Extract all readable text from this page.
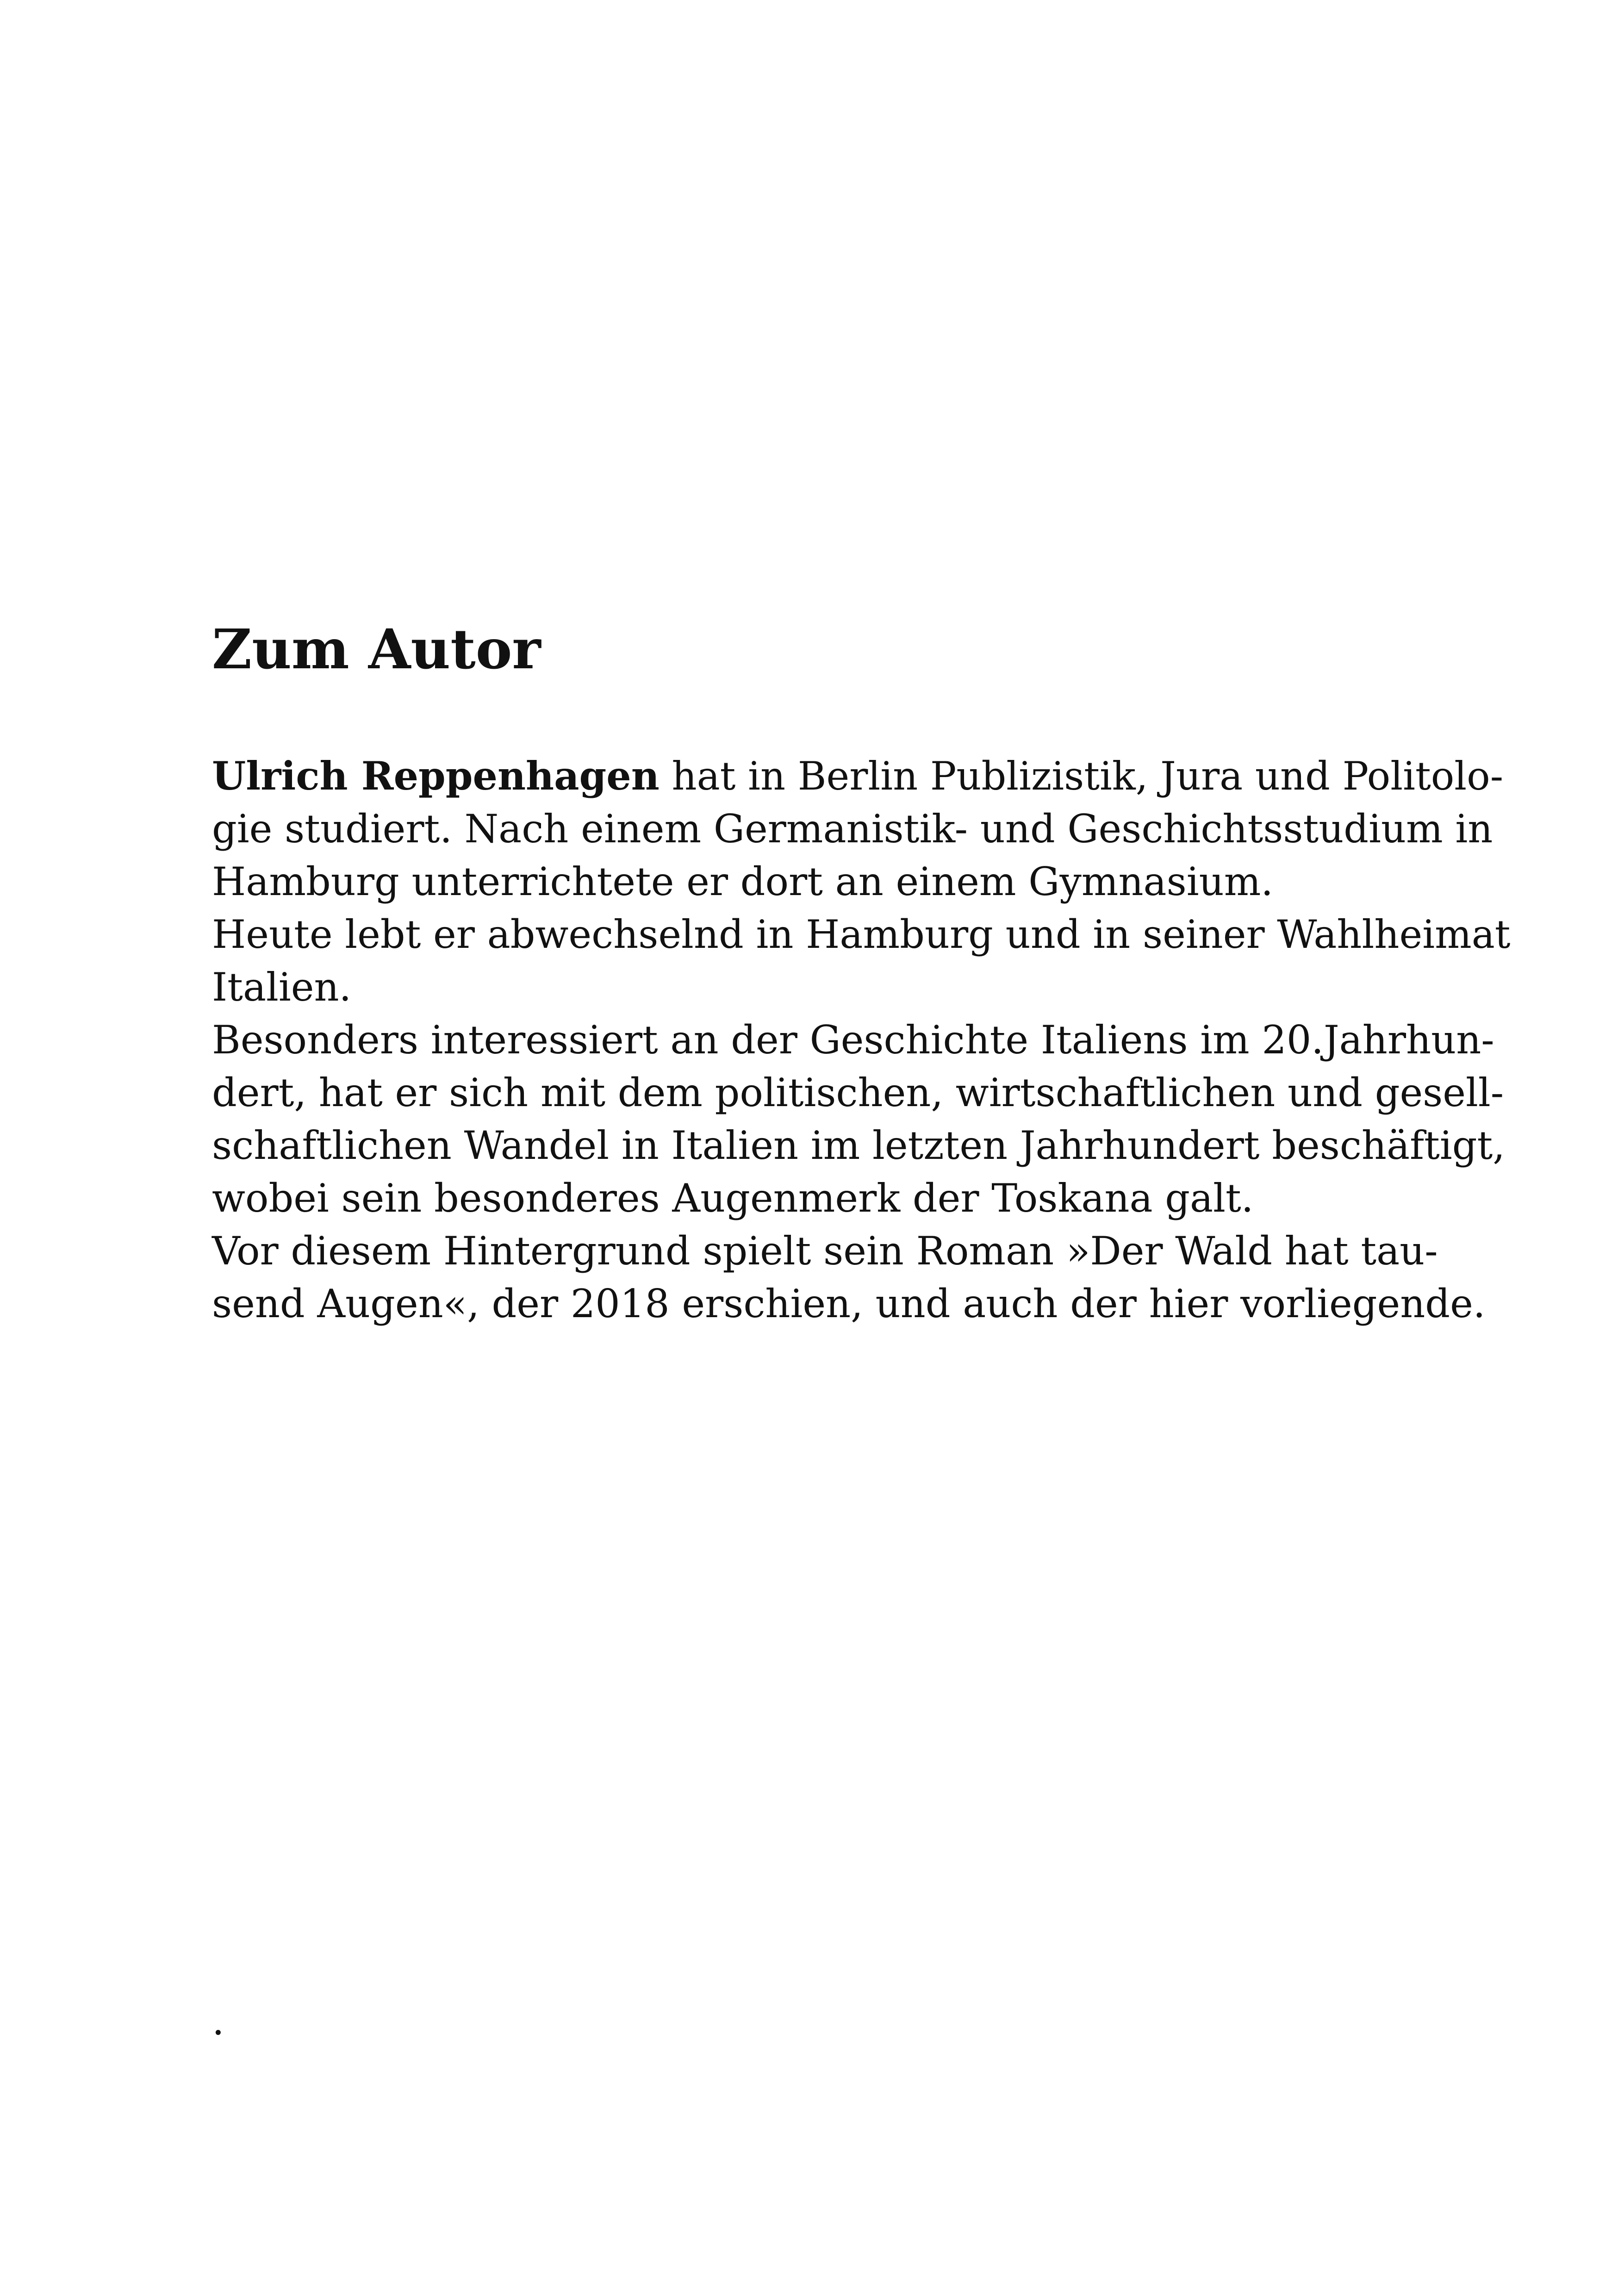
Zum Autor
Ulrich Reppenhagen hat in Berlin Publizistik, Jura und Politolo-
gie studiert. Nach einem Germanistik- und Geschichtsstudium in
Hamburg unterrichtete er dort an einem Gymnasium.
Heute lebt er abwechselnd in Hamburg und in seiner Wahlheimat
Italien.
Besonders interessiert an der Geschichte Italiens im 20.Jahrhun-
dert, hat er sich mit dem politischen, wirtschaftlichen und gesell-
schaftlichen Wandel in Italien im letzten Jahrhundert beschäftigt,
wobei sein besonderes Augenmerk der Toskana galt.
Vor diesem Hintergrund spielt sein Roman »Der Wald hat tau-
send Augen«, der 2018 erschien, und auch der hier vorliegende.
.
